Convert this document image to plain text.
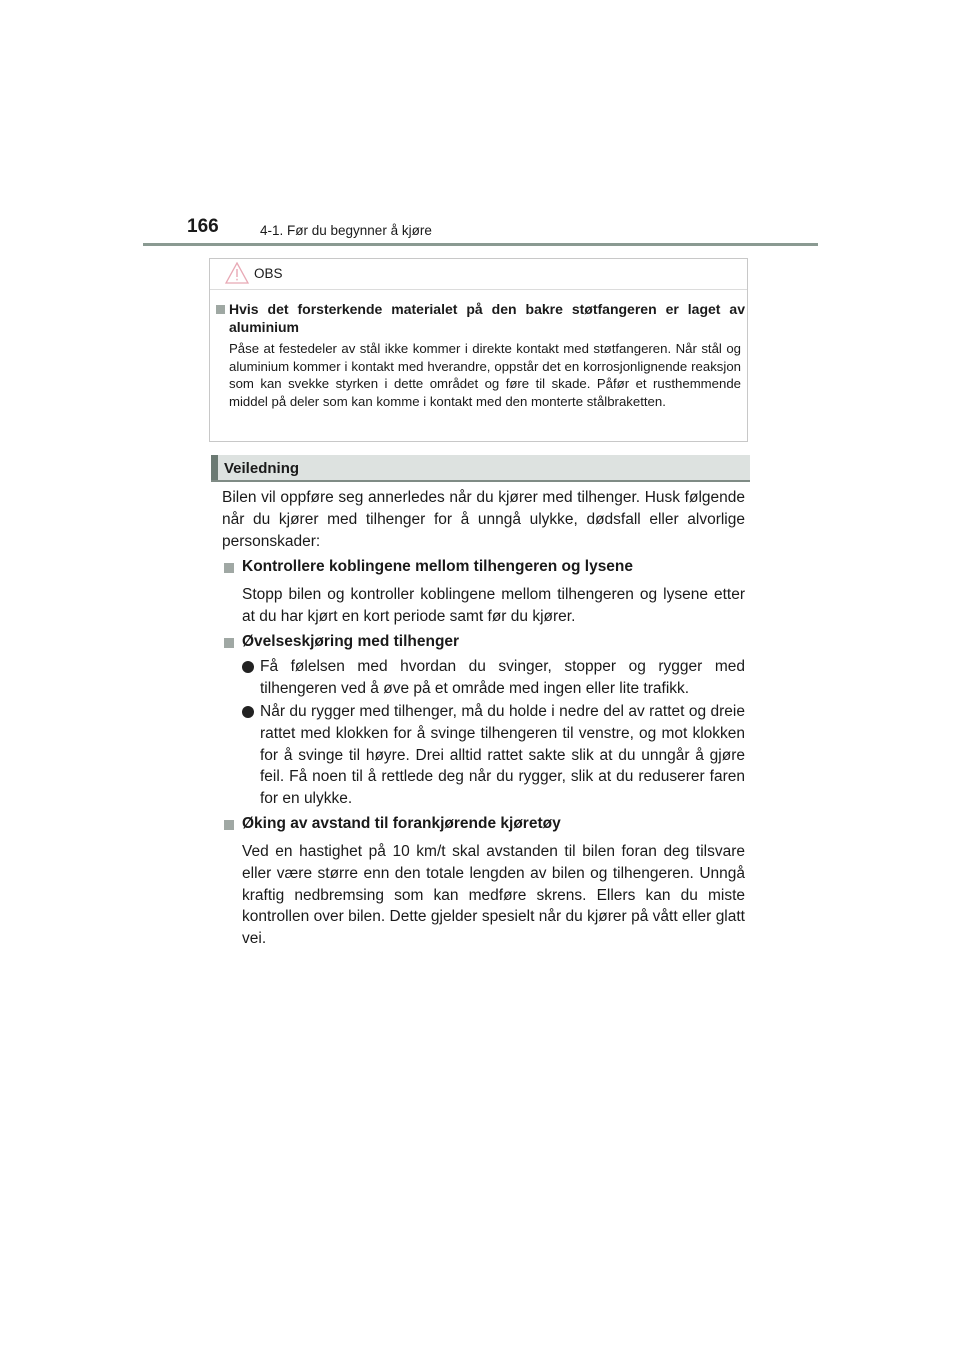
166	4-1. Før du begynner å kjøre
OBS
Hvis det forsterkende materialet på den bakre støtfangeren er laget av aluminium
Påse at festedeler av stål ikke kommer i direkte kontakt med støtfangeren. Når stål og aluminium kommer i kontakt med hverandre, oppstår det en korrosjonlignende reaksjon som kan svekke styrken i dette området og føre til skade. Påfør et rusthemmende middel på deler som kan komme i kontakt med den monterte stålbraketten.
Veiledning
Bilen vil oppføre seg annerledes når du kjører med tilhenger. Husk følgende når du kjører med tilhenger for å unngå ulykke, dødsfall eller alvorlige personskader:
Kontrollere koblingene mellom tilhengeren og lysene
Stopp bilen og kontroller koblingene mellom tilhengeren og lysene etter at du har kjørt en kort periode samt før du kjører.
Øvelseskjøring med tilhenger
Få følelsen med hvordan du svinger, stopper og rygger med tilhengeren ved å øve på et område med ingen eller lite trafikk.
Når du rygger med tilhenger, må du holde i nedre del av rattet og dreie rattet med klokken for å svinge tilhengeren til venstre, og mot klokken for å svinge til høyre. Drei alltid rattet sakte slik at du unngår å gjøre feil. Få noen til å rettlede deg når du rygger, slik at du reduserer faren for en ulykke.
Øking av avstand til forankjørende kjøretøy
Ved en hastighet på 10 km/t skal avstanden til bilen foran deg tilsvare eller være større enn den totale lengden av bilen og tilhengeren. Unngå kraftig nedbremsing som kan medføre skrens. Ellers kan du miste kontrollen over bilen. Dette gjelder spesielt når du kjører på vått eller glatt vei.
